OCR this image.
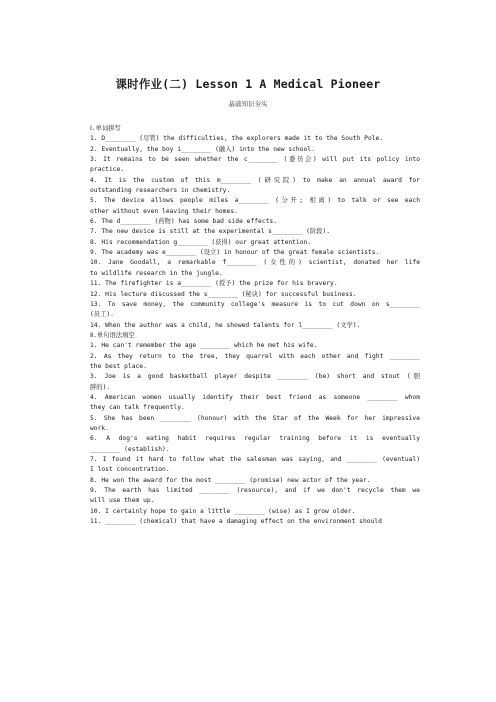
课时作业(二) Lesson 1 A Medical Pioneer
基础知识夯实
Ⅰ.单词拼写
1. D________ (尽管) the difficulties, the explorers made it to the South Pole.
2. Eventually, the boy i________ (融入) into the new school.
3. It remains to be seen whether the c________ (委员会) will put its policy into
practice.
4. It is the custom of this m________ (研究院) to make an annual award for
outstanding researchers in chemistry.
5. The device allows people miles a________ (分开; 相离) to talk or see each
other without even leaving their homes.
6. The d________ (药物) has some bad side effects.
7. The new device is still at the experimental s________ (阶段).
8. His recommendation g________ (获得) our great attention.
9. The academy was e________ (设立) in honour of the great female scientists.
10. Jane Goodall, a remarkable f________ (女性的) scientist, donated her life
to wildlife research in the jungle.
11. The firefighter is a________ (授予) the prize for his bravery.
12. His lecture discussed the s________ (秘诀) for successful business.
13. To save money, the community college's measure is to cut down on s________
(员工).
14. When the author was a child, he showed talents for l________ (文学).
Ⅱ.单句语法填空
1. He can't remember the age ________ which he met his wife.
2. As they return to the tree, they quarrel with each other and fight ________
the best place.
3. Joe is a good basketball player despite ________ (be) short and stout (胆
胖的).
4. American women usually identify their best friend as someone ________ whom
they can talk frequently.
5. She has been ________ (honour) with the Star of the Week for her impressive
work.
6. A dog's eating habit requires regular training before it is eventually
________ (establish).
7. I found it hard to follow what the salesman was saying, and ________ (eventual)
I lost concentration.
8. He won the award for the most ________ (promise) new actor of the year.
9. The earth has limited ________ (resource), and if we don't recycle them we
will use them up.
10. I certainly hope to gain a little ________ (wise) as I grow older.
11. ________ (chemical) that have a damaging effect on the environment should
